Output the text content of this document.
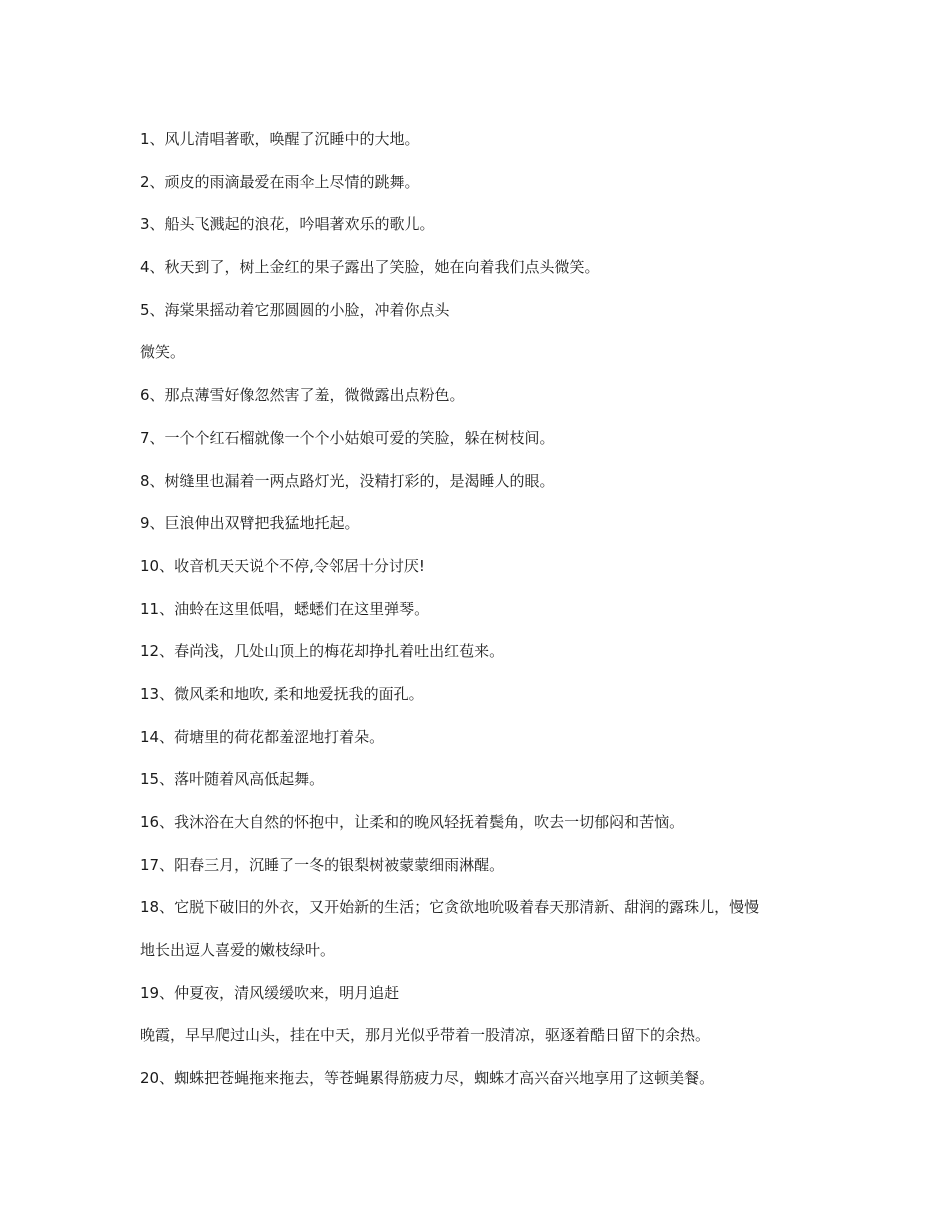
1、风儿清唱著歌，唤醒了沉睡中的大地。
2、顽皮的雨滴最爱在雨伞上尽情的跳舞。
3、船头飞溅起的浪花，吟唱著欢乐的歌儿。
4、秋天到了，树上金红的果子露出了笑脸，她在向着我们点头微笑。
5、海棠果摇动着它那圆圆的小脸，冲着你点头
微笑。
6、那点薄雪好像忽然害了羞，微微露出点粉色。
7、一个个红石榴就像一个个小姑娘可爱的笑脸，躲在树枝间。
8、树缝里也漏着一两点路灯光，没精打彩的，是渴睡人的眼。
9、巨浪伸出双臂把我猛地托起。
10、收音机天天说个不停,令邻居十分讨厌!
11、油蛉在这里低唱，蟋蟋们在这里弹琴。
12、春尚浅，几处山顶上的梅花却挣扎着吐出红苞来。
13、微风柔和地吹, 柔和地爱抚我的面孔。
14、荷塘里的荷花都羞涩地打着朵。
15、落叶随着风高低起舞。
16、我沐浴在大自然的怀抱中，让柔和的晚风轻抚着鬓角，吹去一切郁闷和苦恼。
17、阳春三月，沉睡了一冬的银梨树被蒙蒙细雨淋醒。
18、它脱下破旧的外衣，又开始新的生活；它贪欲地吮吸着春天那清新、甜润的露珠儿，慢慢
地长出逗人喜爱的嫩枝绿叶。
19、仲夏夜，清风缓缓吹来，明月追赶
晚霞，早早爬过山头，挂在中天，那月光似乎带着一股清凉，驱逐着酷日留下的余热。
20、蜘蛛把苍蝇拖来拖去，等苍蝇累得筋疲力尽，蜘蛛才高兴奋兴地享用了这顿美餐。
